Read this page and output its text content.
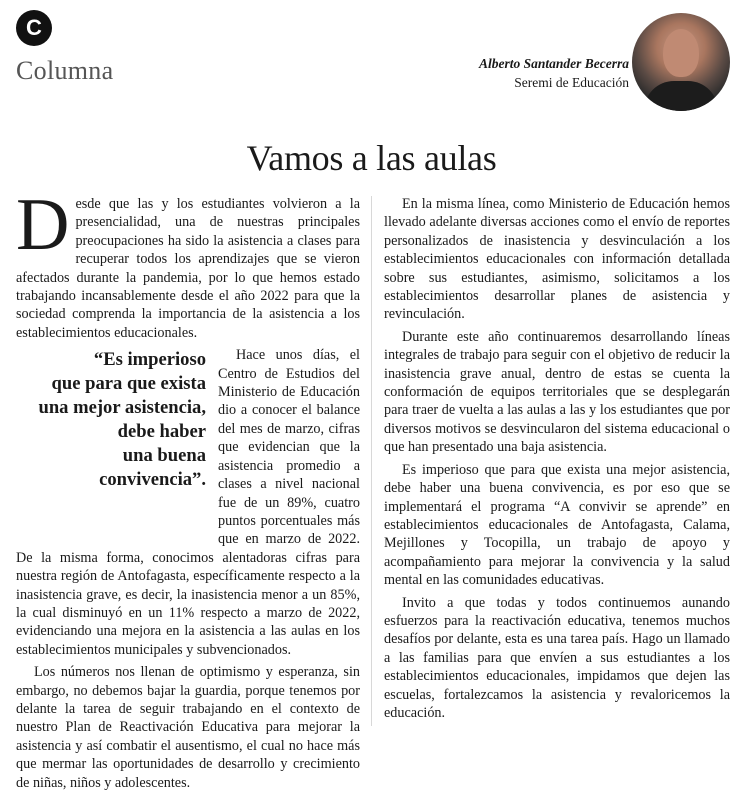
C
Columna	Alberto Santander Becerra
Seremi de Educación
Vamos a las aulas

Desde que las y los estudiantes volvieron a la presencialidad, una de nuestras principales preocupaciones ha sido la asistencia a clases para recuperar todos los aprendizajes que se vieron afectados durante la pandemia, por lo que hemos estado trabajando incansablemente desde el año 2022 para que la sociedad comprenda la importancia de la asistencia a los establecimientos educacionales.

“Es imperioso
que para que exista
una mejor asistencia,
debe haber
una buena
convivencia”.
Hace unos días, el Centro de Estudios del Ministerio de Educación dio a conocer el balance del mes de marzo, cifras que evidencian que la asistencia promedio a clases a nivel nacional fue de un 89%, cuatro puntos porcentuales más que en marzo de 2022. De la misma forma, conocimos alentadoras cifras para nuestra región de Antofagasta, específicamente respecto a la inasistencia grave, es decir, la inasistencia menor a un 85%, la cual disminuyó en un 11% respecto a marzo de 2022, evidenciando una mejora en la asistencia a las aulas en los establecimientos municipales y subvencionados.

Los números nos llenan de optimismo y esperanza, sin embargo, no debemos bajar la guardia, porque tenemos por delante la tarea de seguir trabajando en el contexto de nuestro Plan de Reactivación Educativa para mejorar la asistencia y así combatir el ausentismo, el cual no hace más que mermar las oportunidades de desarrollo y crecimiento de niñas, niños y adolescentes.

En la misma línea, como Ministerio de Educación hemos llevado adelante diversas acciones como el envío de reportes personalizados de inasistencia y desvinculación a los establecimientos educacionales con información detallada sobre sus estudiantes, asimismo, solicitamos a los establecimientos desarrollar planes de asistencia y revinculación.

Durante este año continuaremos desarrollando líneas integrales de trabajo para seguir con el objetivo de reducir la inasistencia grave anual, dentro de estas se cuenta la conformación de equipos territoriales que se desplegarán para traer de vuelta a las aulas a las y los estudiantes que por diversos motivos se desvincularon del sistema educacional o que han presentado una baja asistencia.

Es imperioso que para que exista una mejor asistencia, debe haber una buena convivencia, es por eso que se implementará el programa “A convivir se aprende” en establecimientos educacionales de Antofagasta, Calama, Mejillones y Tocopilla, un trabajo de apoyo y acompañamiento para mejorar la convivencia y la salud mental en las comunidades educativas.

Invito a que todas y todos continuemos aunando esfuerzos para la reactivación educativa, tenemos muchos desafíos por delante, esta es una tarea país. Hago un llamado a las familias para que envíen a sus estudiantes a los establecimientos educacionales, impidamos que dejen las escuelas, fortalezcamos la asistencia y revaloricemos la educación.
